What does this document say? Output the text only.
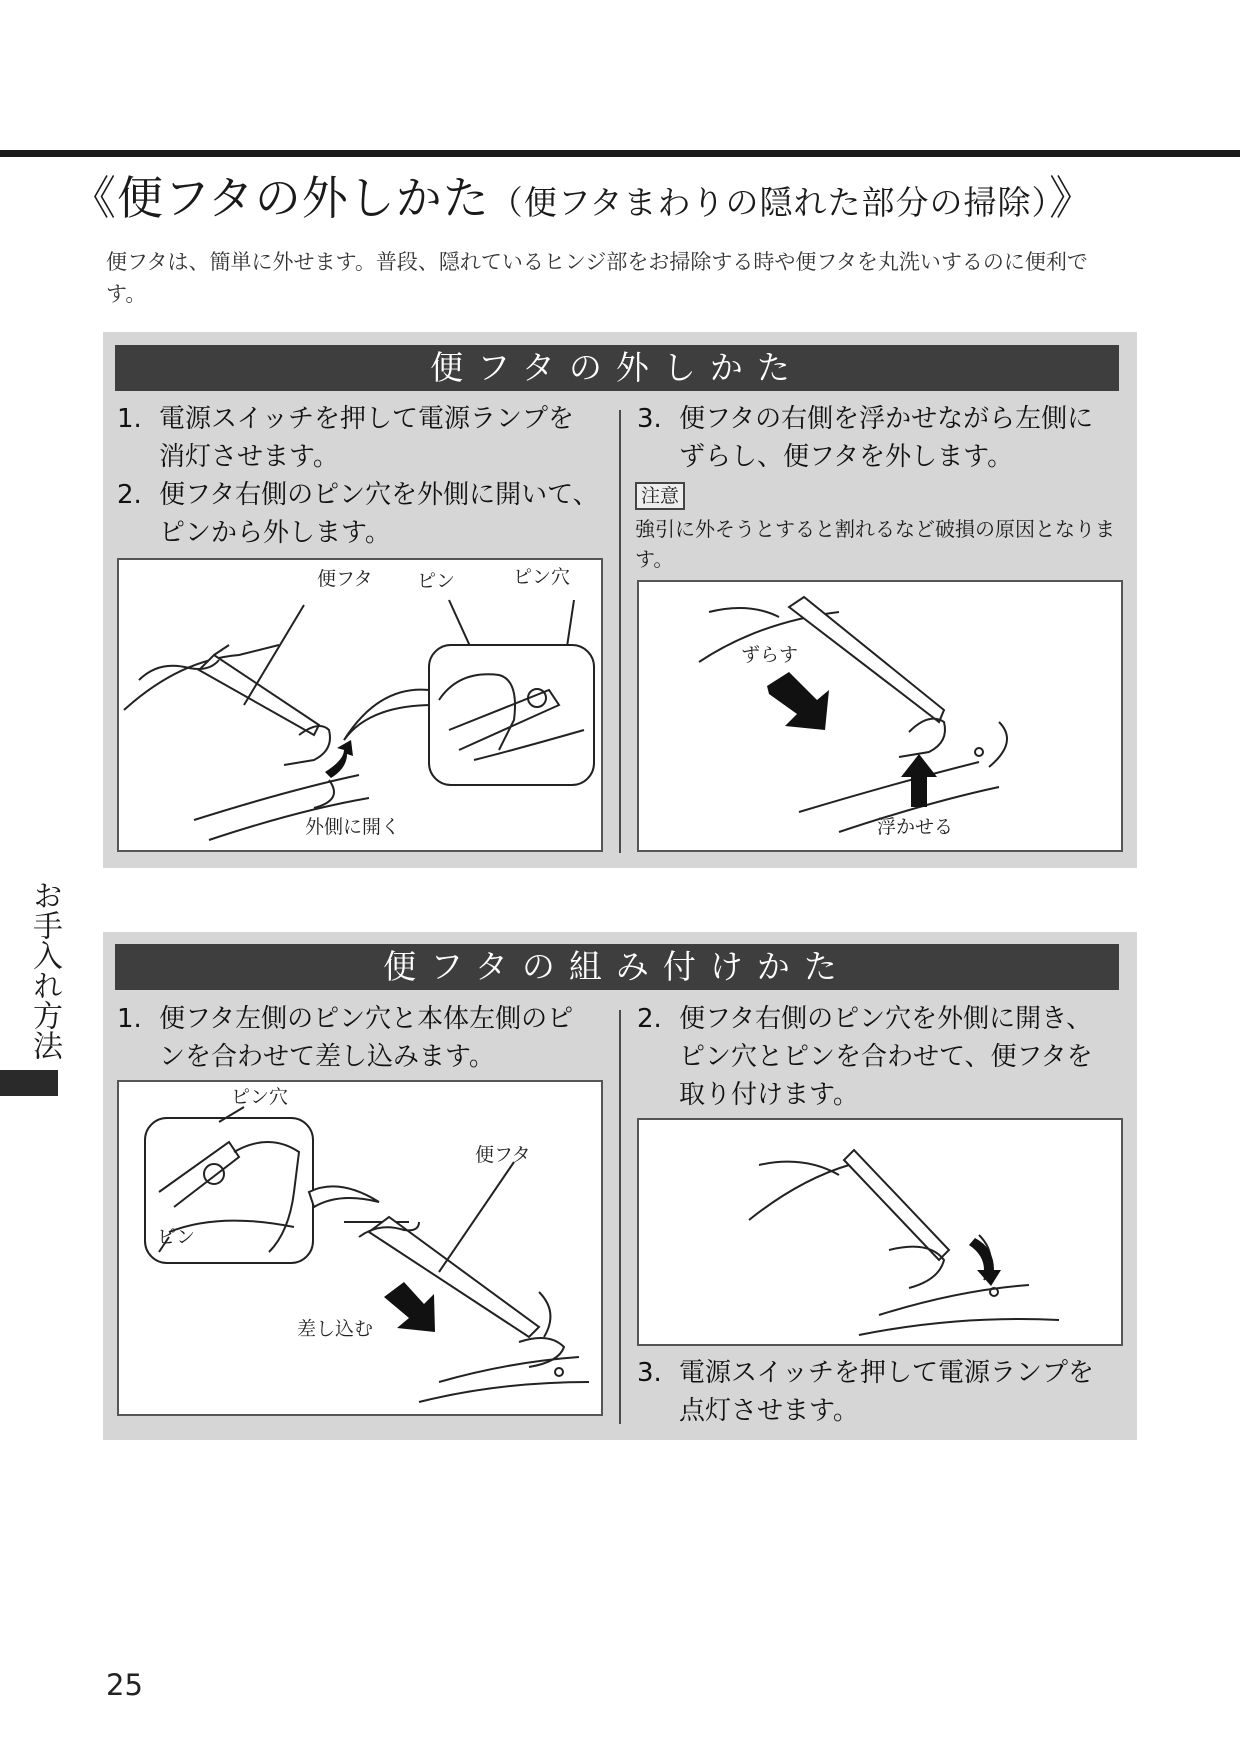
《便フタの外しかた（便フタまわりの隠れた部分の掃除）》
便フタは、簡単に外せます。普段、隠れているヒンジ部をお掃除する時や便フタを丸洗いするのに便利です。
便フタの外しかた
1. 電源スイッチを押して電源ランプを消灯させます。
2. 便フタ右側のピン穴を外側に開いて、ピンから外します。
3. 便フタの右側を浮かせながら左側にずらし、便フタを外します。
注意
強引に外そうとすると割れるなど破損の原因となります。
便フタ ピン	ピン穴
外側に開く
ずらす
浮かせる
便フタの組み付けかた
1. 便フタ左側のピン穴と本体左側のピンを合わせて差し込みます。
2. 便フタ右側のピン穴を外側に開き、ピン穴とピンを合わせて、便フタを取り付けます。
3. 電源スイッチを押して電源ランプを点灯させます。
ピン穴
便フタ
ピン
差し込む
お手入れ方法
25
